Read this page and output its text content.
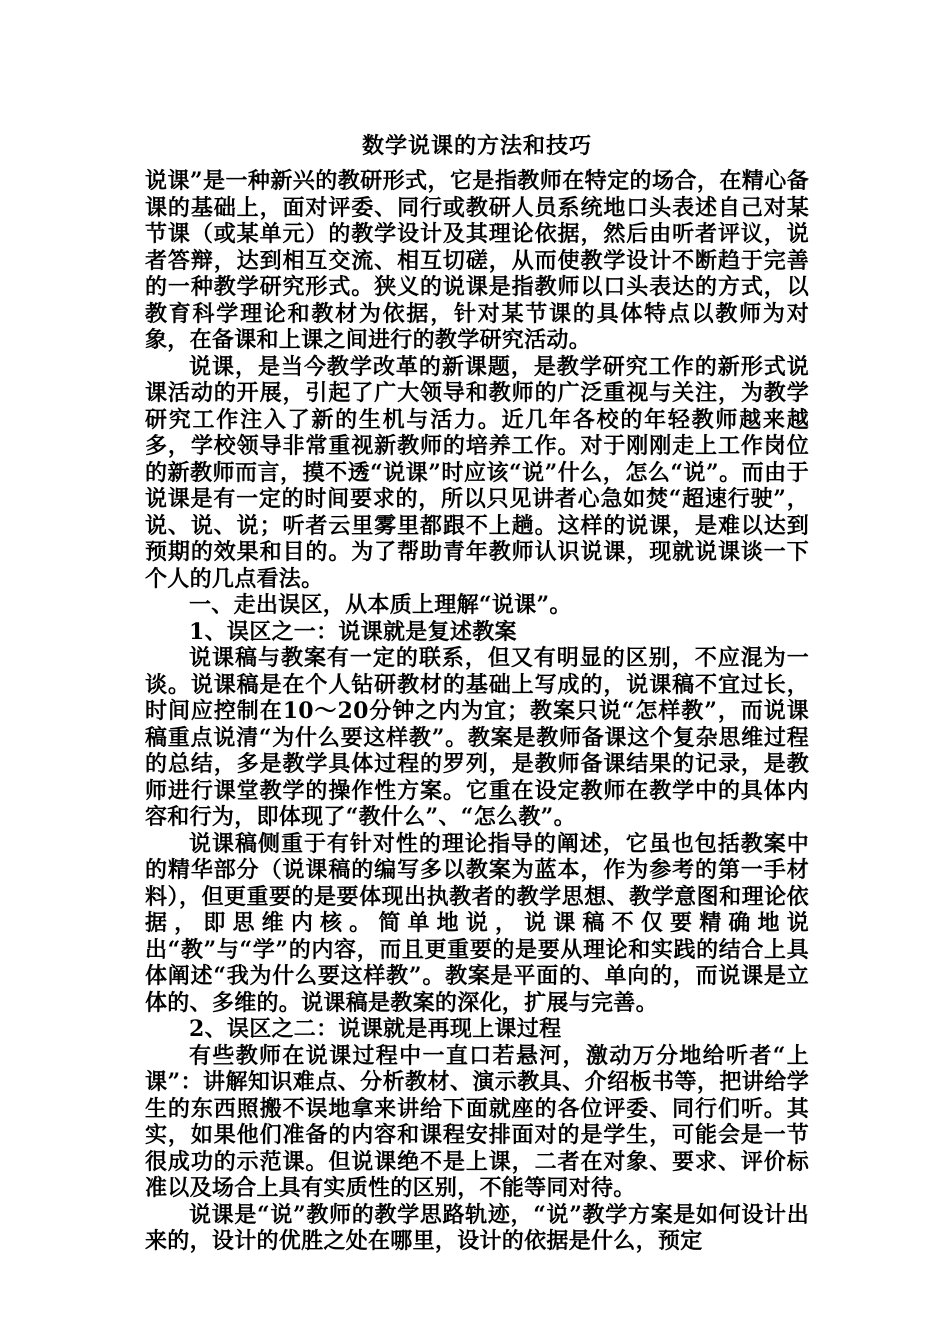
数学说课的方法和技巧

说课”是一种新兴的教研形式，它是指教师在特定的场合，在精心备课的基础上，面对评委、同行或教研人员系统地口头表述自己对某节课（或某单元）的教学设计及其理论依据，然后由听者评议，说者答辩，达到相互交流、相互切磋，从而使教学设计不断趋于完善的一种教学研究形式。狭义的说课是指教师以口头表达的方式，以教育科学理论和教材为依据，针对某节课的具体特点以教师为对象，在备课和上课之间进行的教学研究活动。

说课，是当今教学改革的新课题，是教学研究工作的新形式说课活动的开展，引起了广大领导和教师的广泛重视与关注，为教学研究工作注入了新的生机与活力。近几年各校的年轻教师越来越多，学校领导非常重视新教师的培养工作。对于刚刚走上工作岗位的新教师而言，摸不透“说课”时应该“说”什么，怎么“说”。而由于说课是有一定的时间要求的，所以只见讲者心急如焚“超速行驶”，说、说、说；听者云里雾里都跟不上趟。这样的说课，是难以达到预期的效果和目的。为了帮助青年教师认识说课，现就说课谈一下个人的几点看法。

一、走出误区，从本质上理解“说课”。

1、误区之一：说课就是复述教案

说课稿与教案有一定的联系，但又有明显的区别，不应混为一谈。说课稿是在个人钻研教材的基础上写成的，说课稿不宜过长，时间应控制在10～20分钟之内为宜；教案只说“怎样教”，而说课稿重点说清“为什么要这样教”。教案是教师备课这个复杂思维过程的总结，多是教学具体过程的罗列，是教师备课结果的记录，是教师进行课堂教学的操作性方案。它重在设定教师在教学中的具体内容和行为，即体现了“教什么”、“怎么教”。

说课稿侧重于有针对性的理论指导的阐述，它虽也包括教案中的精华部分（说课稿的编写多以教案为蓝本，作为参考的第一手材料），但更重要的是要体现出执教者的教学思想、教学意图和理论依据，即思维内核。简单地说，说课稿不仅要精确地说出“教”与“学”的内容，而且更重要的是要从理论和实践的结合上具体阐述“我为什么要这样教”。教案是平面的、单向的，而说课是立体的、多维的。说课稿是教案的深化，扩展与完善。

2、误区之二：说课就是再现上课过程

有些教师在说课过程中一直口若悬河，激动万分地给听者“上课”：讲解知识难点、分析教材、演示教具、介绍板书等，把讲给学生的东西照搬不误地拿来讲给下面就座的各位评委、同行们听。其实，如果他们准备的内容和课程安排面对的是学生，可能会是一节很成功的示范课。但说课绝不是上课，二者在对象、要求、评价标准以及场合上具有实质性的区别，不能等同对待。

说课是“说”教师的教学思路轨迹，“说”教学方案是如何设计出来的，设计的优胜之处在哪里，设计的依据是什么，预定
